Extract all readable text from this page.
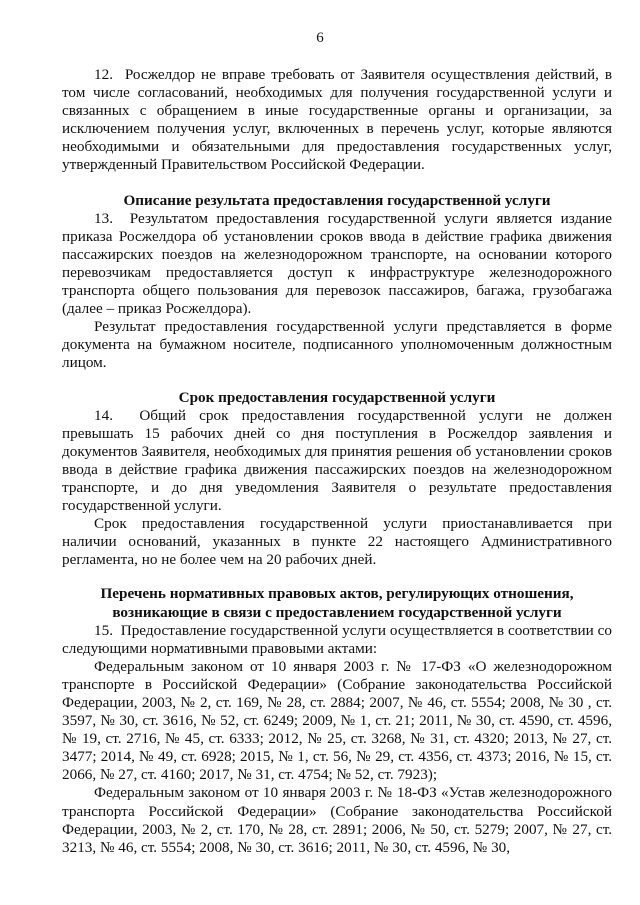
6

12.  Росжелдор не вправе требовать от Заявителя осуществления действий, в том числе согласований, необходимых для получения государственной услуги и связанных с обращением в иные государственные органы и организации, за исключением получения услуг, включенных в перечень услуг, которые являются необходимыми и обязательными для предоставления государственных услуг, утвержденный Правительством Российской Федерации.

Описание результата предоставления государственной услуги

13.  Результатом предоставления государственной услуги является издание приказа Росжелдора об установлении сроков ввода в действие графика движения пассажирских поездов на железнодорожном транспорте, на основании которого перевозчикам предоставляется доступ к инфраструктуре железнодорожного транспорта общего пользования для перевозок пассажиров, багажа, грузобагажа (далее – приказ Росжелдора).

Результат предоставления государственной услуги представляется в форме документа на бумажном носителе, подписанного уполномоченным должностным лицом.

Срок предоставления государственной услуги

14.  Общий срок предоставления государственной услуги не должен превышать 15 рабочих дней со дня поступления в Росжелдор заявления и документов Заявителя, необходимых для принятия решения об установлении сроков ввода в действие графика движения пассажирских поездов на железнодорожном транспорте, и до дня уведомления Заявителя о результате предоставления государственной услуги.

Срок предоставления государственной услуги приостанавливается при наличии оснований, указанных в пункте 22 настоящего Административного регламента, но не более чем на 20 рабочих дней.

Перечень нормативных правовых актов, регулирующих отношения,
возникающие в связи с предоставлением государственной услуги

15.  Предоставление государственной услуги осуществляется в соответствии со следующими нормативными правовыми актами:

Федеральным законом от 10 января 2003 г. № 17-ФЗ «О железнодорожном транспорте в Российской Федерации» (Собрание законодательства Российской Федерации, 2003, № 2, ст. 169, № 28, ст. 2884; 2007, № 46, ст. 5554; 2008, № 30 , ст. 3597, № 30, ст. 3616, № 52, ст. 6249; 2009, № 1, ст. 21; 2011, № 30, ст. 4590, ст. 4596, № 19, ст. 2716, № 45, ст. 6333; 2012, № 25, ст. 3268, № 31, ст. 4320; 2013, № 27, ст. 3477; 2014, № 49, ст. 6928; 2015, № 1, ст. 56, № 29, ст. 4356, ст. 4373; 2016, № 15, ст. 2066, № 27, ст. 4160; 2017, № 31, ст. 4754; № 52, ст. 7923);

Федеральным законом от 10 января 2003 г. № 18-ФЗ «Устав железнодорожного транспорта Российской Федерации» (Собрание законодательства Российской Федерации, 2003, № 2, ст. 170, № 28, ст. 2891; 2006, № 50, ст. 5279; 2007, № 27, ст. 3213, № 46, ст. 5554; 2008, № 30, ст. 3616; 2011, № 30, ст. 4596, № 30,
